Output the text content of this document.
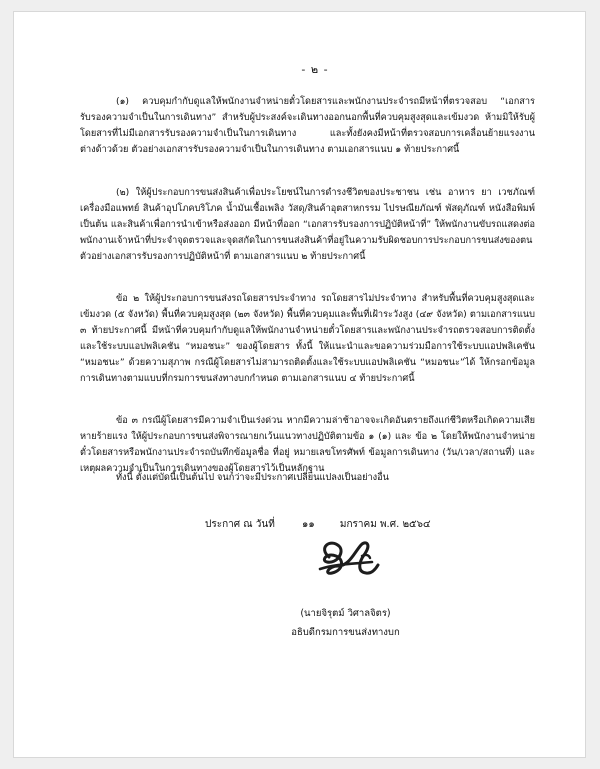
- ๒ -

(๑) ควบคุมกำกับดูแลให้พนักงานจำหน่ายตั๋วโดยสารและพนักงานประจำรถมีหน้าที่ตรวจสอบ “เอกสารรับรองความจำเป็นในการเดินทาง” สำหรับผู้ประสงค์จะเดินทางออกนอกพื้นที่ควบคุมสูงสุดและเข้มงวด ห้ามมิให้รับผู้โดยสารที่ไม่มีเอกสารรับรองความจำเป็นในการเดินทาง และทั้งยังคงมีหน้าที่ตรวจสอบการเคลื่อนย้ายแรงงานต่างด้าวด้วย ตัวอย่างเอกสารรับรองความจำเป็นในการเดินทาง ตามเอกสารแนบ ๑ ท้ายประกาศนี้

(๒) ให้ผู้ประกอบการขนส่งสินค้าเพื่อประโยชน์ในการดำรงชีวิตของประชาชน เช่น อาหาร ยา เวชภัณฑ์ เครื่องมือแพทย์ สินค้าอุปโภคบริโภค น้ำมันเชื้อเพลิง วัสดุ/สินค้าอุตสาหกรรม ไปรษณียภัณฑ์ พัสดุภัณฑ์ หนังสือพิมพ์ เป็นต้น และสินค้าเพื่อการนำเข้าหรือส่งออก มีหน้าที่ออก “เอกสารรับรองการปฏิบัติหน้าที่” ให้พนักงานขับรถแสดงต่อพนักงานเจ้าหน้าที่ประจำจุดตรวจและจุดสกัดในการขนส่งสินค้าที่อยู่ในความรับผิดชอบการประกอบการขนส่งของตน ตัวอย่างเอกสารรับรองการปฏิบัติหน้าที่ ตามเอกสารแนบ ๒ ท้ายประกาศนี้

ข้อ ๒ ให้ผู้ประกอบการขนส่งรถโดยสารประจำทาง รถโดยสารไม่ประจำทาง สำหรับพื้นที่ควบคุมสูงสุดและเข้มงวด (๕ จังหวัด) พื้นที่ควบคุมสูงสุด (๒๓ จังหวัด) พื้นที่ควบคุมและพื้นที่เฝ้าระวังสูง (๔๙ จังหวัด) ตามเอกสารแนบ ๓ ท้ายประกาศนี้ มีหน้าที่ควบคุมกำกับดูแลให้พนักงานจำหน่ายตั๋วโดยสารและพนักงานประจำรถตรวจสอบการติดตั้งและใช้ระบบแอปพลิเคชัน “หมอชนะ” ของผู้โดยสาร ทั้งนี้ ให้แนะนำและขอความร่วมมือการใช้ระบบแอปพลิเคชัน “หมอชนะ” ด้วยความสุภาพ กรณีผู้โดยสารไม่สามารถติดตั้งและใช้ระบบแอปพลิเคชัน “หมอชนะ”ได้ ให้กรอกข้อมูลการเดินทางตามแบบที่กรมการขนส่งทางบกกำหนด ตามเอกสารแนบ ๔ ท้ายประกาศนี้

ข้อ ๓ กรณีผู้โดยสารมีความจำเป็นเร่งด่วน หากมีความล่าช้าอาจจะเกิดอันตรายถึงแก่ชีวิตหรือเกิดความเสียหายร้ายแรง ให้ผู้ประกอบการขนส่งพิจารณายกเว้นแนวทางปฏิบัติตามข้อ ๑ (๑) และ ข้อ ๒ โดยให้พนักงานจำหน่ายตั๋วโดยสารหรือพนักงานประจำรถบันทึกข้อมูลชื่อ ที่อยู่ หมายเลขโทรศัพท์ ข้อมูลการเดินทาง (วัน/เวลา/สถานที่) และเหตุผลความจำเป็นในการเดินทางของผู้โดยสารไว้เป็นหลักฐาน

ทั้งนี้ ตั้งแต่บัดนี้เป็นต้นไป จนกว่าจะมีประกาศเปลี่ยนแปลงเป็นอย่างอื่น

ประกาศ ณ วันที่	๑๑	มกราคม พ.ศ. ๒๕๖๔
(นายจิรุตม์ วิศาลจิตร)
อธิบดีกรมการขนส่งทางบก
